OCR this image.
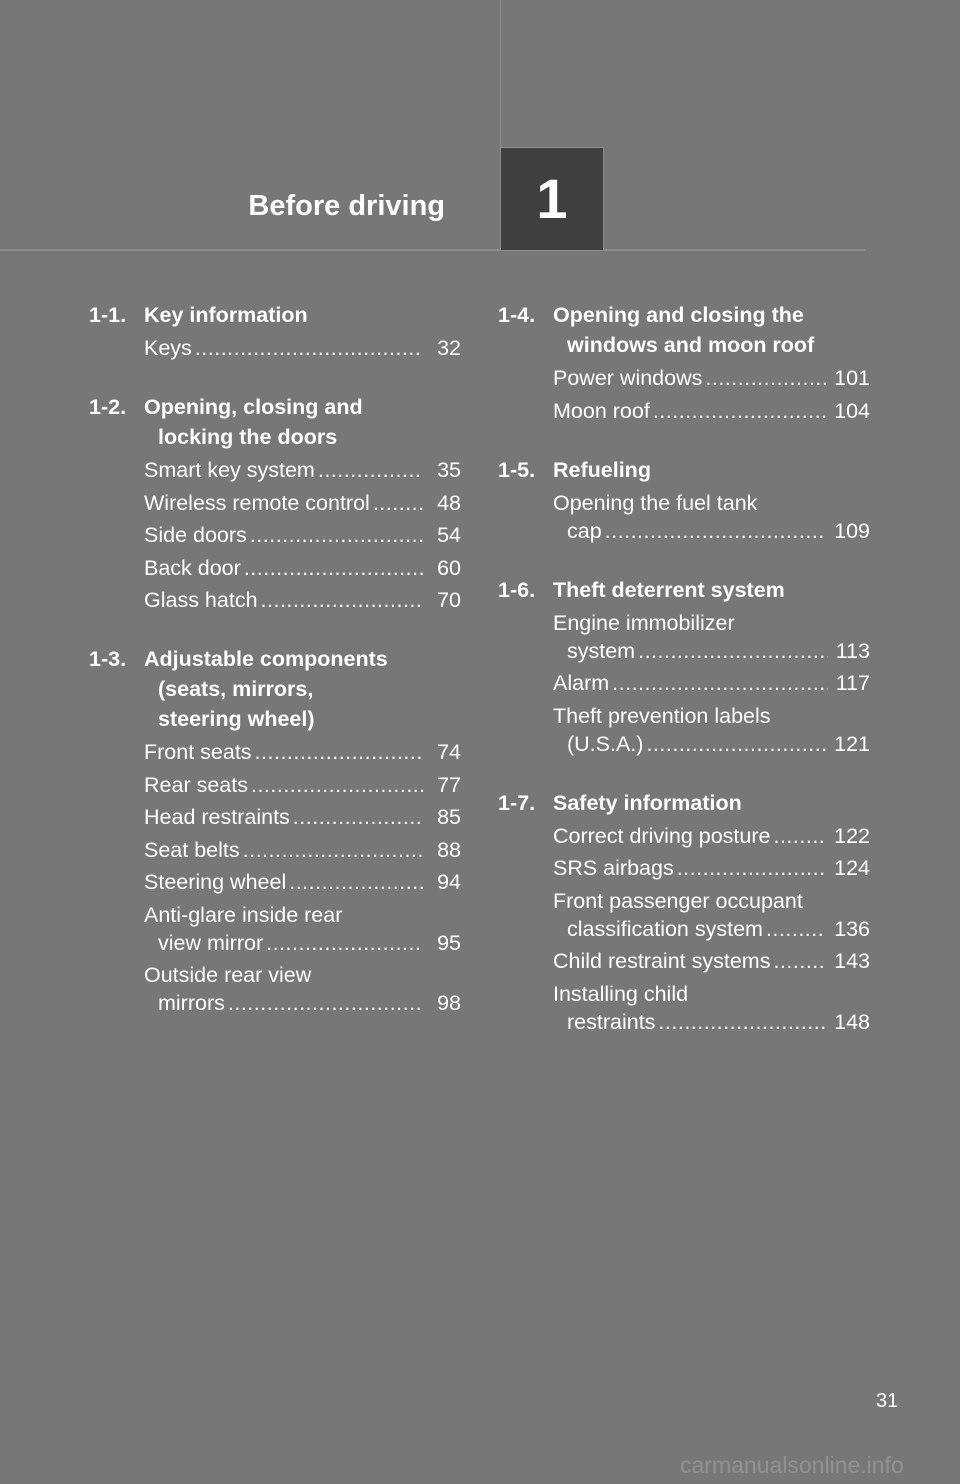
Before driving 1
1-1. Key information
Keys .....	32
1-2. Opening, closing and
locking the doors
Smart key system .....	35
Wireless remote control .....	48
Side doors .....	54
Back door .....	60
Glass hatch .....	70
1-3. Adjustable components
(seats, mirrors,
steering wheel)
Front seats .....	74
Rear seats .....	77
Head restraints .....	85
Seat belts .....	88
Steering wheel .....	94
Anti-glare inside rear
view mirror .....	95
Outside rear view
mirrors .....	98
1-4. Opening and closing the
windows and moon roof
Power windows .....	101
Moon roof .....	104
1-5. Refueling
Opening the fuel tank
cap .....	109
1-6. Theft deterrent system
Engine immobilizer
system .....	113
Alarm .....	117
Theft prevention labels
(U.S.A.) .....	121
1-7. Safety information
Correct driving posture .....	122
SRS airbags .....	124
Front passenger occupant
classification system .....	136
Child restraint systems .....	143
Installing child
restraints .....	148
31
carmanualsonline.info
